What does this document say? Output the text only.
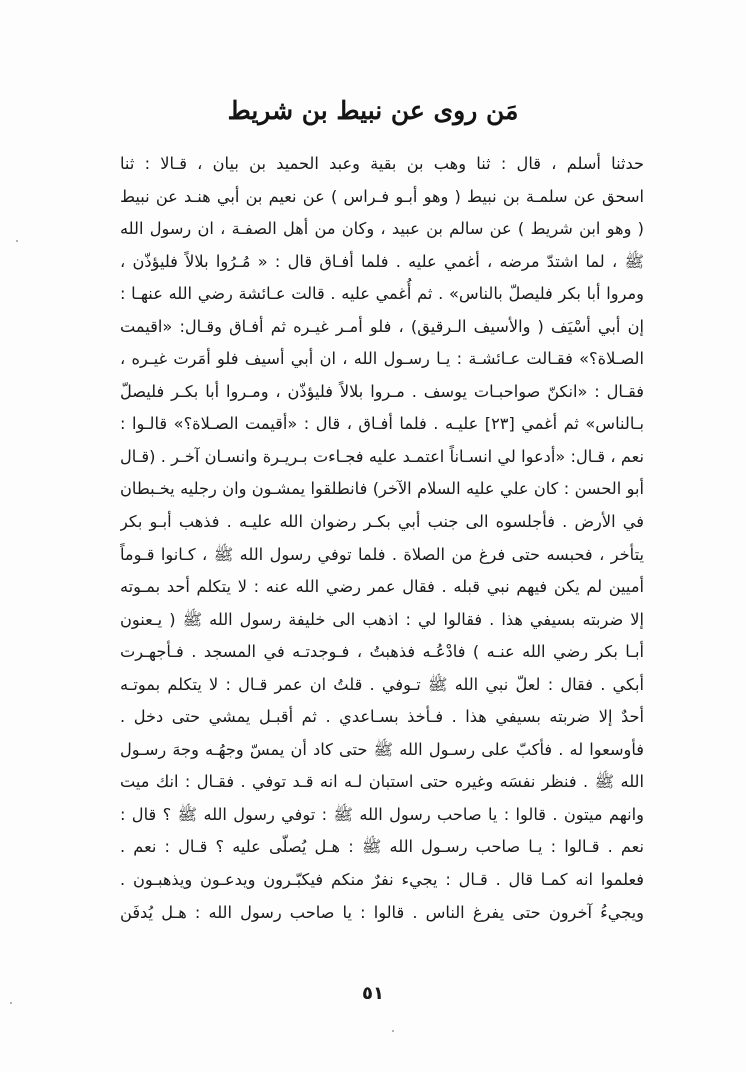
مَن روى عن نبيط بن شريط
حدثنا أسلم ، قال : ثنا وهب بن بقية وعبد الحميد بن بيان ، قـالا : ثنا
اسحق عن سلمـة بن نبيط ( وهو أبـو فـراس ) عن نعيم بن أبي هنـد عن نبيط
( وهو ابن شريط ) عن سالم بن عبيد ، وكان من أهل الصفـة ، ان رسول الله
ﷺ ، لما اشتدّ مرضه ، أغمي عليه . فلما أفـاق قال : « مُـرُوا بلالاً فليؤذّن ،
ومروا أبا بكر فليصلّ بالناس» . ثم أُغمي عليه . قالت عـائشة رضي الله عنهـا :
إن أبي أسْيَف ( والأسيف الـرقيق) ، فلو أمـر غيـره ثم أفـاق وقـال: «اقيمت
الصـلاة؟» فقـالت عـائشـة : يـا رسـول الله ، ان أبي أسيف فلو أمَرت غيـره ،
فقـال : «انكنّ صواحبـات يوسف . مـروا بلالاً فليؤذّن ، ومـروا أبا بكـر فليصلّ
بـالناس» ثم أغمي [٢٣] عليـه . فلما أفـاق ، قال : «أقيمت الصـلاة؟» قالـوا :
نعم ، قـال: «أدعوا لي انسـاناً اعتمـد عليه فجـاءت بـريـرة وانسـان آخـر . (قـال
أبو الحسن : كان علي عليه السلام الآخر) فانطلقوا يمشـون وان رجليه يخـبطان
في الأرض . فأجلسوه الى جنب أبي بكـر رضوان الله عليـه . فذهب أبـو بكر
يتأخر ، فحبسه حتى فرغ من الصلاة . فلما توفي رسول الله ﷺ ، كـانوا قـوماً
أميين لم يكن فيهم نبي قبله . فقال عمر رضي الله عنه : لا يتكلم أحد بمـوته
إلا ضربته بسيفي هذا . فقالوا لي : اذهب الى خليفة رسول الله ﷺ ( يـعنون
أبـا بكر رضي الله عنـه ) فادْعُـه فذهبتُ ، فـوجدتـه في المسجد . فـأجهـرت
أبكي . فقال : لعلّ نبي الله ﷺ تـوفي . قلتُ ان عمر قـال : لا يتكلم بموتـه
أحدٌ إلا ضربته بسيفي هذا . فـأخذ بسـاعدي . ثم أقبـل يمشي حتى دخل .
فأوسعوا له . فأكبّ على رسـول الله ﷺ حتى كاد أن يمسّ وجهُـه وجهَ رسـول
الله ﷺ . فنظر نفسَه وغيره حتى استبان لـه انه قـد توفي . فقـال : انك ميت
وانهم ميتون . قالوا : يا صاحب رسول الله ﷺ : توفي رسول الله ﷺ ؟ قال :
نعم . قـالوا : يـا صاحب رسـول الله ﷺ : هـل يُصلّى عليه ؟ قـال : نعم .
فعلموا انه كمـا قال . قـال : يجيء نفرٌ منكم فيكبّـرون ويدعـون ويذهبـون .
ويجيءُ آخرون حتى يفرغ الناس . قالوا : يا صاحب رسول الله : هـل يُدفَن
٥١
